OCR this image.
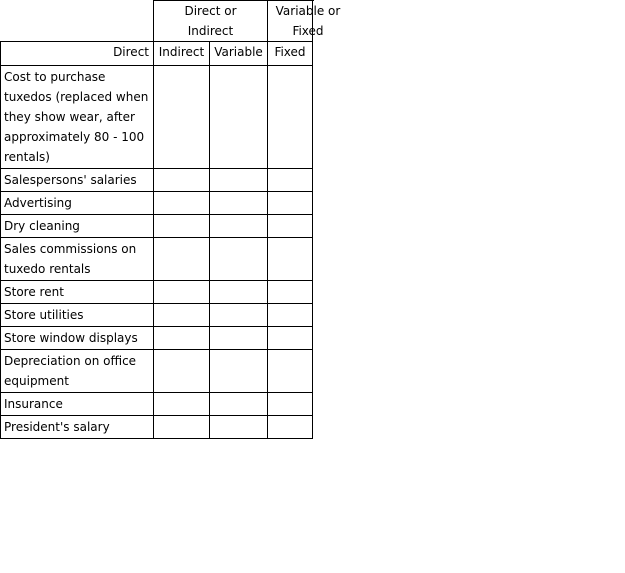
	Direct or Indirect		Variable or Fixed	
Direct	Indirect	Variable	Fixed	
Cost to purchase tuxedos (replaced when they show wear, after approximately 80 - 100 rentals)				
Salespersons' salaries				
Advertising				
Dry cleaning				
Sales commissions on tuxedo rentals				
Store rent				
Store utilities				
Store window displays				
Depreciation on office equipment				
Insurance				
President's salary				
